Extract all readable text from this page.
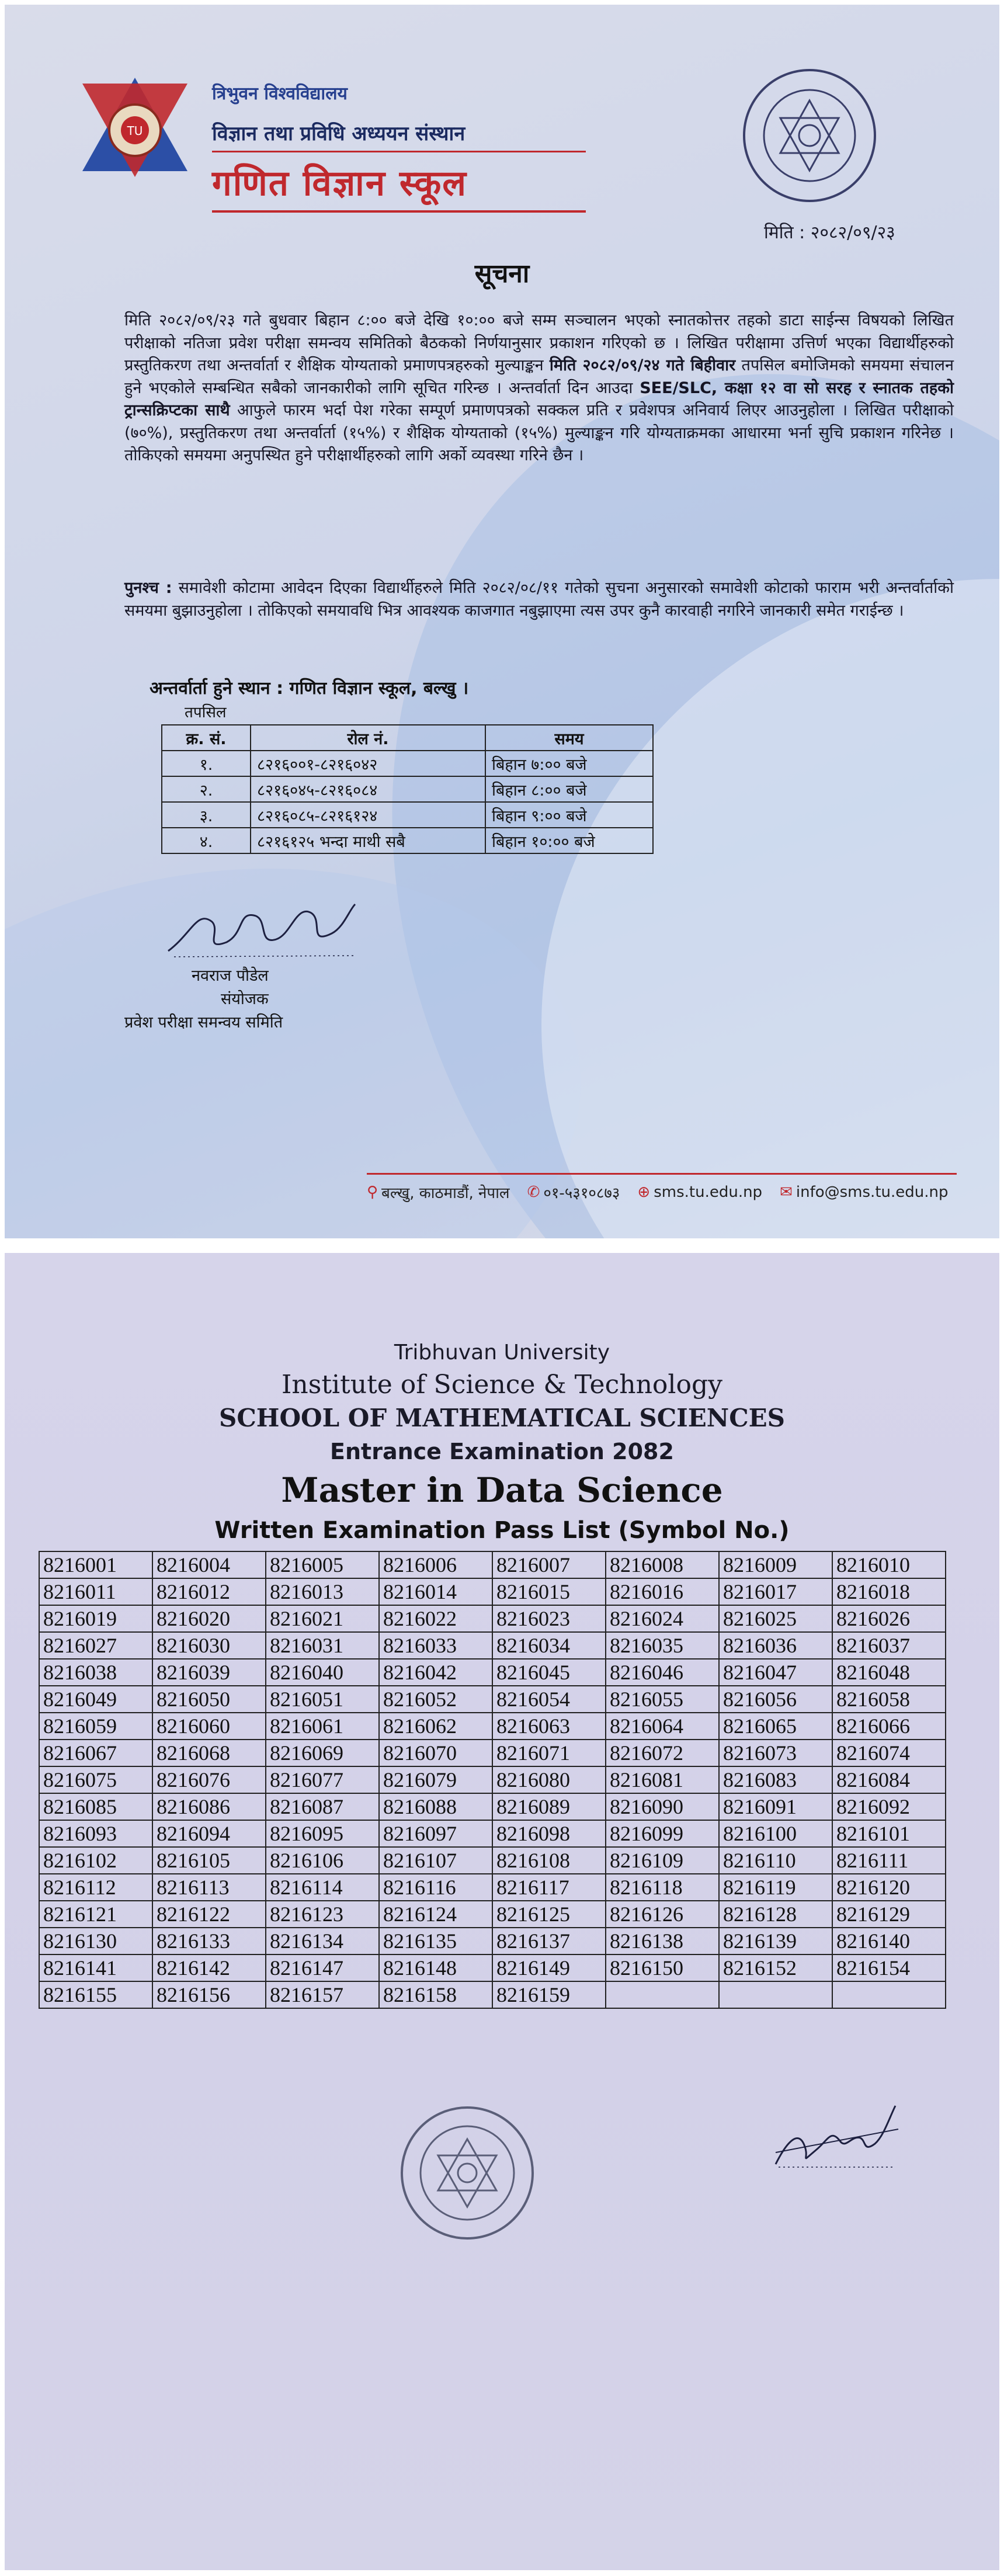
TU
त्रिभुवन विश्वविद्यालय
विज्ञान तथा प्रविधि अध्ययन संस्थान
गणित विज्ञान स्कूल
मिति : २०८२/०९/२३
सूचना
मिति २०८२/०९/२३ गते बुधवार बिहान ८:०० बजे देखि १०:०० बजे सम्म सञ्चालन भएको स्नातकोत्तर तहको डाटा साईन्स विषयको लिखित परीक्षाको नतिजा प्रवेश परीक्षा समन्वय समितिको बैठकको निर्णयानुसार प्रकाशन गरिएको छ । लिखित परीक्षामा उत्तिर्ण भएका विद्यार्थीहरुको प्रस्तुतिकरण तथा अन्तर्वार्ता र शैक्षिक योग्यताको प्रमाणपत्रहरुको मुल्याङ्कन मिति २०८२/०९/२४ गते बिहीवार तपसिल बमोजिमको समयमा संचालन हुने भएकोले सम्बन्धित सबैको जानकारीको लागि सूचित गरिन्छ । अन्तर्वार्ता दिन आउदा SEE/SLC, कक्षा १२ वा सो सरह र स्नातक तहको ट्रान्सक्रिप्टका साथै आफुले फारम भर्दा पेश गरेका सम्पूर्ण प्रमाणपत्रको सक्कल प्रति र प्रवेशपत्र अनिवार्य लिएर आउनुहोला । लिखित परीक्षाको (७०%), प्रस्तुतिकरण तथा अन्तर्वार्ता (१५%) र शैक्षिक योग्यताको (१५%) मुल्याङ्कन गरि योग्यताक्रमका आधारमा भर्ना सुचि प्रकाशन गरिनेछ । तोकिएको समयमा अनुपस्थित हुने परीक्षार्थीहरुको लागि अर्को व्यवस्था गरिने छैन ।
पुनश्च : समावेशी कोटामा आवेदन दिएका विद्यार्थीहरुले मिति २०८२/०८/११ गतेको सुचना अनुसारको समावेशी कोटाको फाराम भरी अन्तर्वार्ताको समयमा बुझाउनुहोला । तोकिएको समयावधि भित्र आवश्यक काजगात नबुझाएमा त्यस उपर कुनै कारवाही नगरिने जानकारी समेत गराईन्छ ।
अन्तर्वार्ता हुने स्थान : गणित विज्ञान स्कूल, बल्खु ।
तपसिल
क्र. सं.	रोल नं.	समय
१.	८२१६००१-८२१६०४२	बिहान ७:०० बजे
२.	८२१६०४५-८२१६०८४	बिहान ८:०० बजे
३.	८२१६०८५-८२१६१२४	बिहान ९:०० बजे
४.	८२१६१२५ भन्दा माथी सबै	बिहान १०:०० बजे
नवराज पौडेल
संयोजक
प्रवेश परीक्षा समन्वय समिति
⚲ बल्खु, काठमाडौं, नेपाल ✆ ०१-५३१०८७३ ⊕ sms.tu.edu.np ✉ info@sms.tu.edu.np
Tribhuvan University
Institute of Science & Technology
SCHOOL OF MATHEMATICAL SCIENCES
Entrance Examination 2082
Master in Data Science
Written Examination Pass List (Symbol No.)
8216001	8216004	8216005	8216006	8216007	8216008	8216009	8216010
8216011	8216012	8216013	8216014	8216015	8216016	8216017	8216018
8216019	8216020	8216021	8216022	8216023	8216024	8216025	8216026
8216027	8216030	8216031	8216033	8216034	8216035	8216036	8216037
8216038	8216039	8216040	8216042	8216045	8216046	8216047	8216048
8216049	8216050	8216051	8216052	8216054	8216055	8216056	8216058
8216059	8216060	8216061	8216062	8216063	8216064	8216065	8216066
8216067	8216068	8216069	8216070	8216071	8216072	8216073	8216074
8216075	8216076	8216077	8216079	8216080	8216081	8216083	8216084
8216085	8216086	8216087	8216088	8216089	8216090	8216091	8216092
8216093	8216094	8216095	8216097	8216098	8216099	8216100	8216101
8216102	8216105	8216106	8216107	8216108	8216109	8216110	8216111
8216112	8216113	8216114	8216116	8216117	8216118	8216119	8216120
8216121	8216122	8216123	8216124	8216125	8216126	8216128	8216129
8216130	8216133	8216134	8216135	8216137	8216138	8216139	8216140
8216141	8216142	8216147	8216148	8216149	8216150	8216152	8216154
8216155	8216156	8216157	8216158	8216159			
